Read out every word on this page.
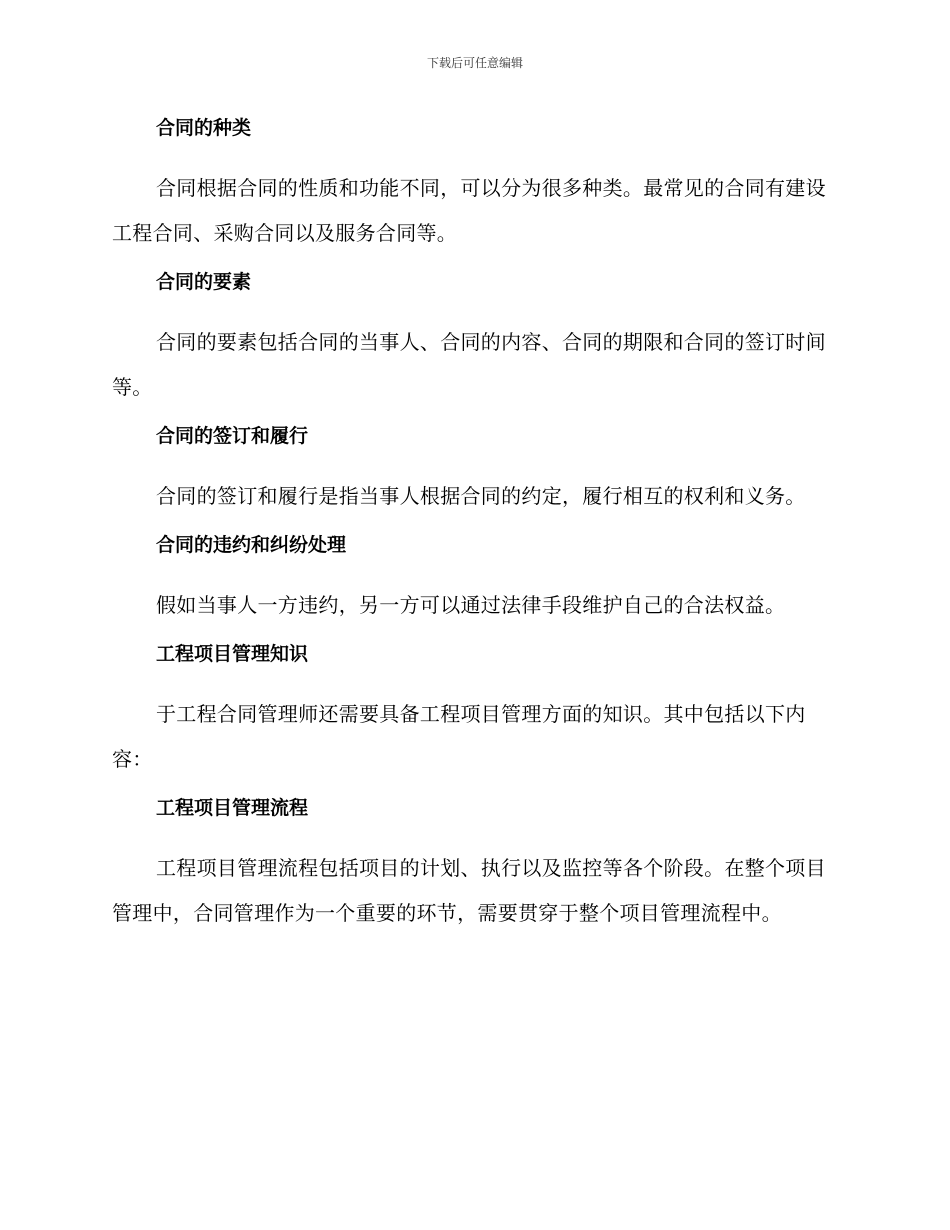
下载后可任意编辑

合同的种类

合同根据合同的性质和功能不同，可以分为很多种类。最常见的合同有建设工程合同、采购合同以及服务合同等。

合同的要素

合同的要素包括合同的当事人、合同的内容、合同的期限和合同的签订时间等。

合同的签订和履行

合同的签订和履行是指当事人根据合同的约定，履行相互的权利和义务。

合同的违约和纠纷处理

假如当事人一方违约，另一方可以通过法律手段维护自己的合法权益。

工程项目管理知识

于工程合同管理师还需要具备工程项目管理方面的知识。其中包括以下内容：

工程项目管理流程

工程项目管理流程包括项目的计划、执行以及监控等各个阶段。在整个项目管理中，合同管理作为一个重要的环节，需要贯穿于整个项目管理流程中。
